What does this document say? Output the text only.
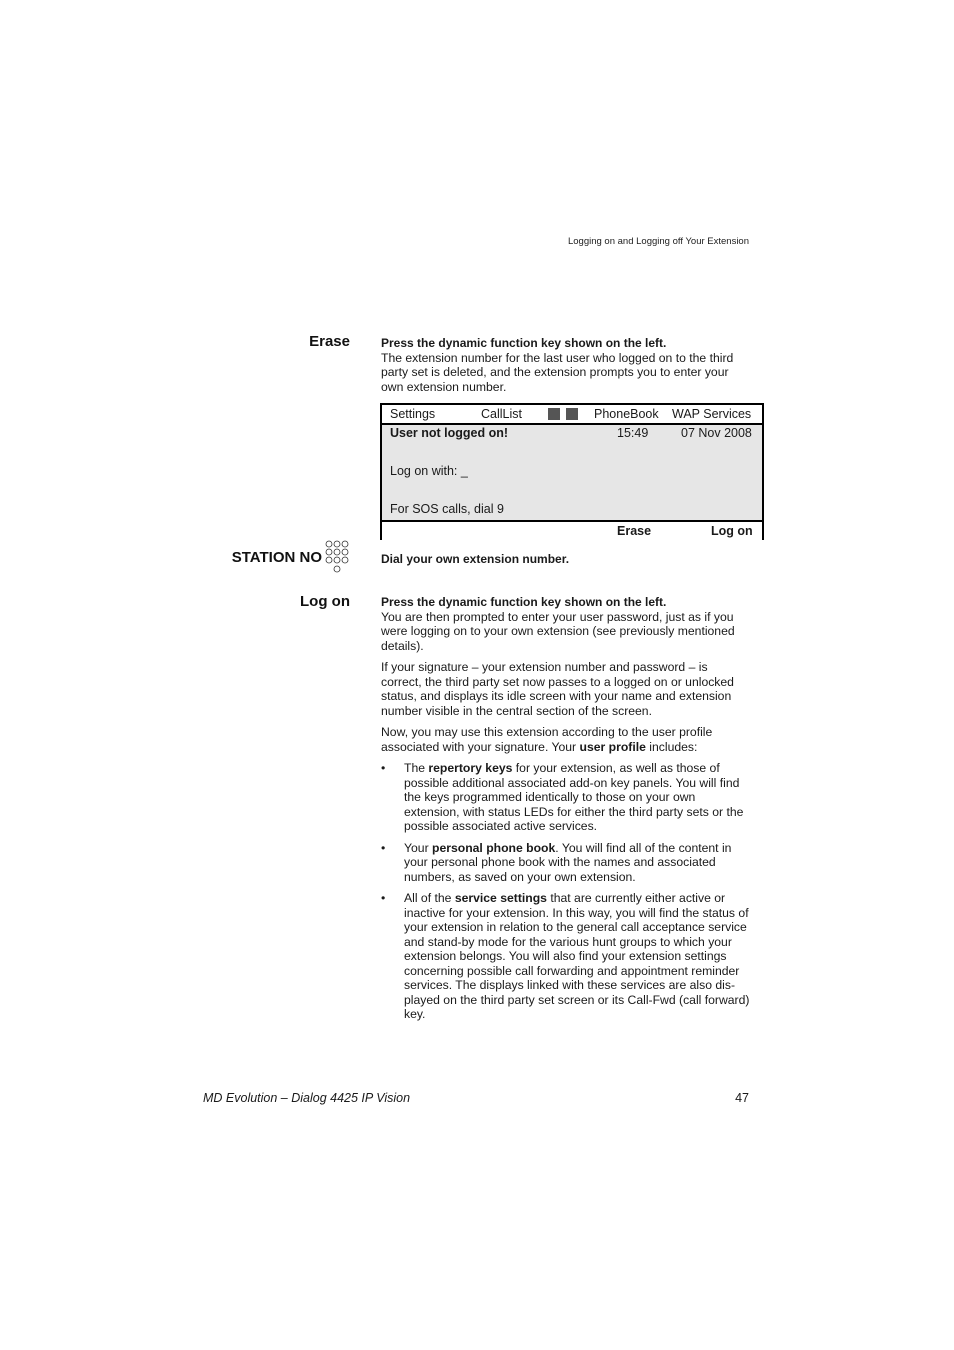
Logging on and Logging off Your Extension
Erase	Press the dynamic function key shown on the left.

The extension number for the last user who logged on to the third party set is deleted, and the extension prompts you to enter your own extension number.

Settings	CallList	PhoneBook WAP Services
User not logged on!	15:49	07 Nov 2008
Log on with: _
For SOS calls, dial 9
Erase	Log on
STATION NO	Dial your own extension number.
Log on	Press the dynamic function key shown on the left.

You are then prompted to enter your user password, just as if you were logging on to your own extension (see previously mentioned details).

If your signature – your extension number and password – is correct, the third party set now passes to a logged on or unlocked status, and displays its idle screen with your name and extension number visible in the central section of the screen.

Now, you may use this extension according to the user profile associated with your signature. Your user profile includes:

• The repertory keys for your extension, as well as those of possible additional associated add-on key panels. You will find the keys programmed identically to those on your own extension, with status LEDs for either the third party sets or the possible associated active services.
• Your personal phone book. You will find all of the content in your personal phone book with the names and associated numbers, as saved on your own extension.
• All of the service settings that are currently either active or inactive for your extension. In this way, you will find the status of your extension in relation to the general call acceptance service and stand-by mode for the various hunt groups to which your extension belongs. You will also find your extension settings concerning possible call forwarding and appointment reminder services. The displays linked with these services are also dis-played on the third party set screen or its Call-Fwd (call forward) key.
MD Evolution – Dialog 4425 IP Vision	47
